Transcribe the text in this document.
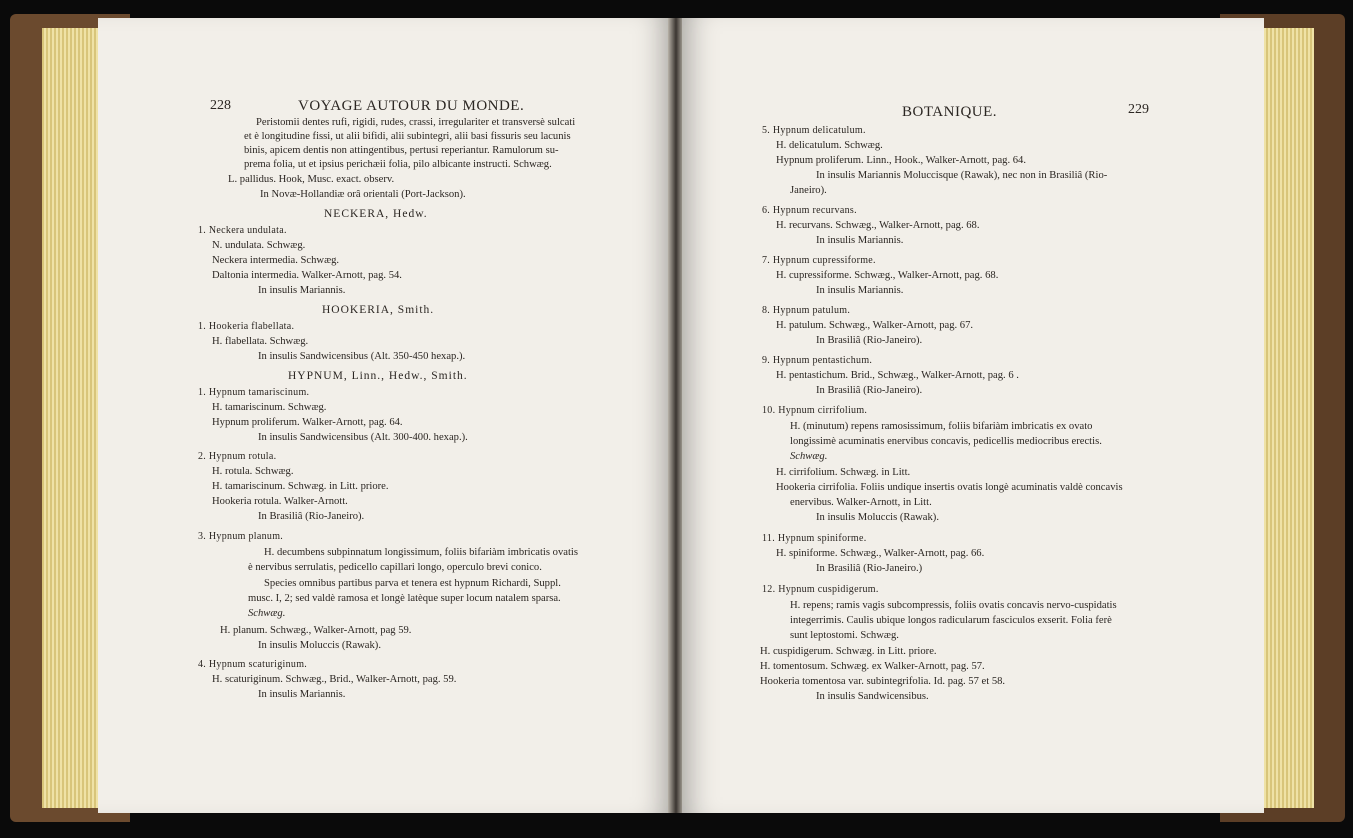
228	VOYAGE AUTOUR DU MONDE.
Peristomii dentes rufi, rigidi, rudes, crassi, irregulariter et transversè sulcati
et è longitudine fissi, ut alii bifidi, alii subintegri, alii basi fissuris seu lacunis
binis, apicem dentis non attingentibus, pertusi reperiantur. Ramulorum su-
prema folia, ut et ipsius perichæii folia, pilo albicante instructi. Schwæg.
L. pallidus. Hook, Musc. exact. observ.
In Novæ-Hollandiæ orâ orientali (Port-Jackson).
NECKERA, Hedw.
1. Neckera undulata.
N. undulata. Schwæg.
Neckera intermedia. Schwæg.
Daltonia intermedia. Walker-Arnott, pag. 54.
In insulis Mariannis.
HOOKERIA, Smith.
1. Hookeria flabellata.
H. flabellata. Schwæg.
In insulis Sandwicensibus (Alt. 350-450 hexap.).
HYPNUM, Linn., Hedw., Smith.
1. Hypnum tamariscinum.
H. tamariscinum. Schwæg.
Hypnum proliferum. Walker-Arnott, pag. 64.
In insulis Sandwicensibus (Alt. 300-400. hexap.).
2. Hypnum rotula.
H. rotula. Schwæg.
H. tamariscinum. Schwæg. in Litt. priore.
Hookeria rotula. Walker-Arnott.
In Brasiliâ (Rio-Janeiro).
3. Hypnum planum.
H. decumbens subpinnatum longissimum, foliis bifariàm imbricatis ovatis
è nervibus serrulatis, pedicello capillari longo, operculo brevi conico.
Species omnibus partibus parva et tenera est hypnum Richardi, Suppl.
musc. I, 2; sed valdè ramosa et longè latèque super locum natalem sparsa.
Schwæg.
H. planum. Schwæg., Walker-Arnott, pag 59.
In insulis Moluccis (Rawak).
4. Hypnum scaturiginum.
H. scaturiginum. Schwæg., Brid., Walker-Arnott, pag. 59.
In insulis Mariannis.
BOTANIQUE.	229
5. Hypnum delicatulum.
H. delicatulum. Schwæg.
Hypnum proliferum. Linn., Hook., Walker-Arnott, pag. 64.
In insulis Mariannis Moluccisque (Rawak), nec non in Brasiliâ (Rio-
Janeiro).
6. Hypnum recurvans.
H. recurvans. Schwæg., Walker-Arnott, pag. 68.
In insulis Mariannis.
7. Hypnum cupressiforme.
H. cupressiforme. Schwæg., Walker-Arnott, pag. 68.
In insulis Mariannis.
8. Hypnum patulum.
H. patulum. Schwæg., Walker-Arnott, pag. 67.
In Brasiliâ (Rio-Janeiro).
9. Hypnum pentastichum.
H. pentastichum. Brid., Schwæg., Walker-Arnott, pag. 6 .
In Brasiliâ (Rio-Janeiro).
10. Hypnum cirrifolium.
H. (minutum) repens ramosissimum, foliis bifariàm imbricatis ex ovato
longissimè acuminatis enervibus concavis, pedicellis mediocribus erectis.
Schwæg.
H. cirrifolium. Schwæg. in Litt.
Hookeria cirrifolia. Foliis undique insertis ovatis longè acuminatis valdè concavis
enervibus. Walker-Arnott, in Litt.
In insulis Moluccis (Rawak).
11. Hypnum spiniforme.
H. spiniforme. Schwæg., Walker-Arnott, pag. 66.
In Brasiliâ (Rio-Janeiro.)
12. Hypnum cuspidigerum.
H. repens; ramis vagis subcompressis, foliis ovatis concavis nervo-cuspidatis
integerrimis. Caulis ubique longos radicularum fasciculos exserit. Folia ferè
sunt leptostomi. Schwæg.
H. cuspidigerum. Schwæg. in Litt. priore.
H. tomentosum. Schwæg. ex Walker-Arnott, pag. 57.
Hookeria tomentosa var. subintegrifolia. Id. pag. 57 et 58.
In insulis Sandwicensibus.
